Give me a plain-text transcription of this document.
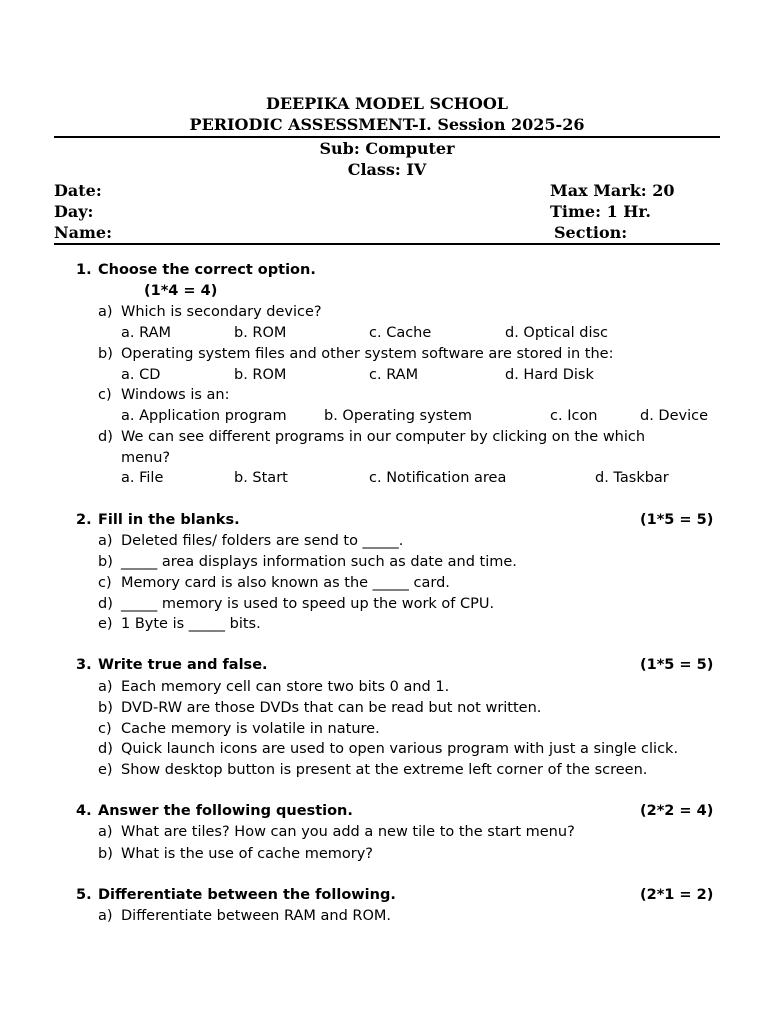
DEEPIKA MODEL SCHOOL
PERIODIC ASSESSMENT-I. Session 2025-26
Sub: Computer
Class: IV
Date:
Day:
Name:
Max Mark: 20
Time: 1 Hr.
Section:
1. Choose the correct option.
(1*4 = 4)
a) Which is secondary device?
a. RAM	b. ROM	c. Cache	d. Optical disc
b) Operating system files and other system software are stored in the:
a. CD	b. ROM	c. RAM	d. Hard Disk
c) Windows is an:
a. Application program	b. Operating system	c. Icon	d. Device
d) We can see different programs in our computer by clicking on the which
menu?
a. File	b. Start	c. Notification area	d. Taskbar
2. Fill in the blanks.	(1*5 = 5)
a) Deleted files/ folders are send to _____.
b) _____ area displays information such as date and time.
c) Memory card is also known as the _____ card.
d) _____ memory is used to speed up the work of CPU.
e) 1 Byte is _____ bits.
3. Write true and false.	(1*5 = 5)
a) Each memory cell can store two bits 0 and 1.
b) DVD-RW are those DVDs that can be read but not written.
c) Cache memory is volatile in nature.
d) Quick launch icons are used to open various program with just a single click.
e) Show desktop button is present at the extreme left corner of the screen.
4. Answer the following question.	(2*2 = 4)
a) What are tiles? How can you add a new tile to the start menu?
b) What is the use of cache memory?
5. Differentiate between the following.	(2*1 = 2)
a) Differentiate between RAM and ROM.
